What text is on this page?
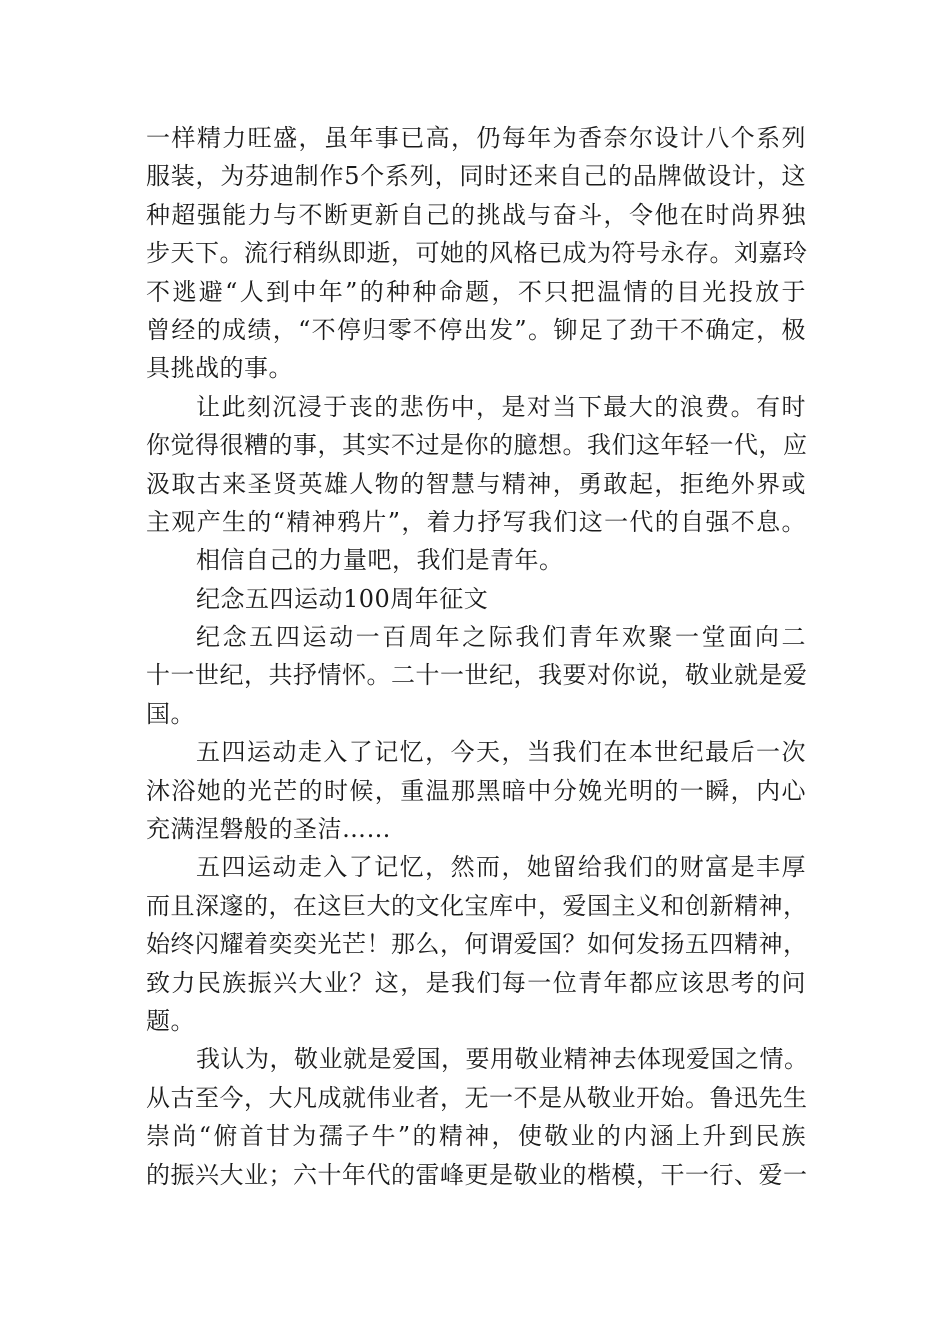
一样精力旺盛，虽年事已高，仍每年为香奈尔设计八个系列
服装，为芬迪制作5个系列，同时还来自己的品牌做设计，这
种超强能力与不断更新自己的挑战与奋斗，令他在时尚界独
步天下。流行稍纵即逝，可她的风格已成为符号永存。刘嘉玲
不逃避“人到中年”的种种命题，不只把温情的目光投放于
曾经的成绩，“不停归零不停出发”。铆足了劲干不确定，极
具挑战的事。
让此刻沉浸于丧的悲伤中，是对当下最大的浪费。有时
你觉得很糟的事，其实不过是你的臆想。我们这年轻一代，应
汲取古来圣贤英雄人物的智慧与精神，勇敢起，拒绝外界或
主观产生的“精神鸦片”，着力抒写我们这一代的自强不息。
相信自己的力量吧，我们是青年。
纪念五四运动100周年征文
纪念五四运动一百周年之际我们青年欢聚一堂面向二
十一世纪，共抒情怀。二十一世纪，我要对你说，敬业就是爱
国。
五四运动走入了记忆，今天，当我们在本世纪最后一次
沐浴她的光芒的时候，重温那黑暗中分娩光明的一瞬，内心
充满涅磐般的圣洁……
五四运动走入了记忆，然而，她留给我们的财富是丰厚
而且深邃的，在这巨大的文化宝库中，爱国主义和创新精神，
始终闪耀着奕奕光芒！那么，何谓爱国？如何发扬五四精神，
致力民族振兴大业？这，是我们每一位青年都应该思考的问
题。
我认为，敬业就是爱国，要用敬业精神去体现爱国之情。
从古至今，大凡成就伟业者，无一不是从敬业开始。鲁迅先生
崇尚“俯首甘为孺子牛”的精神，使敬业的内涵上升到民族
的振兴大业；六十年代的雷峰更是敬业的楷模，干一行、爱一
